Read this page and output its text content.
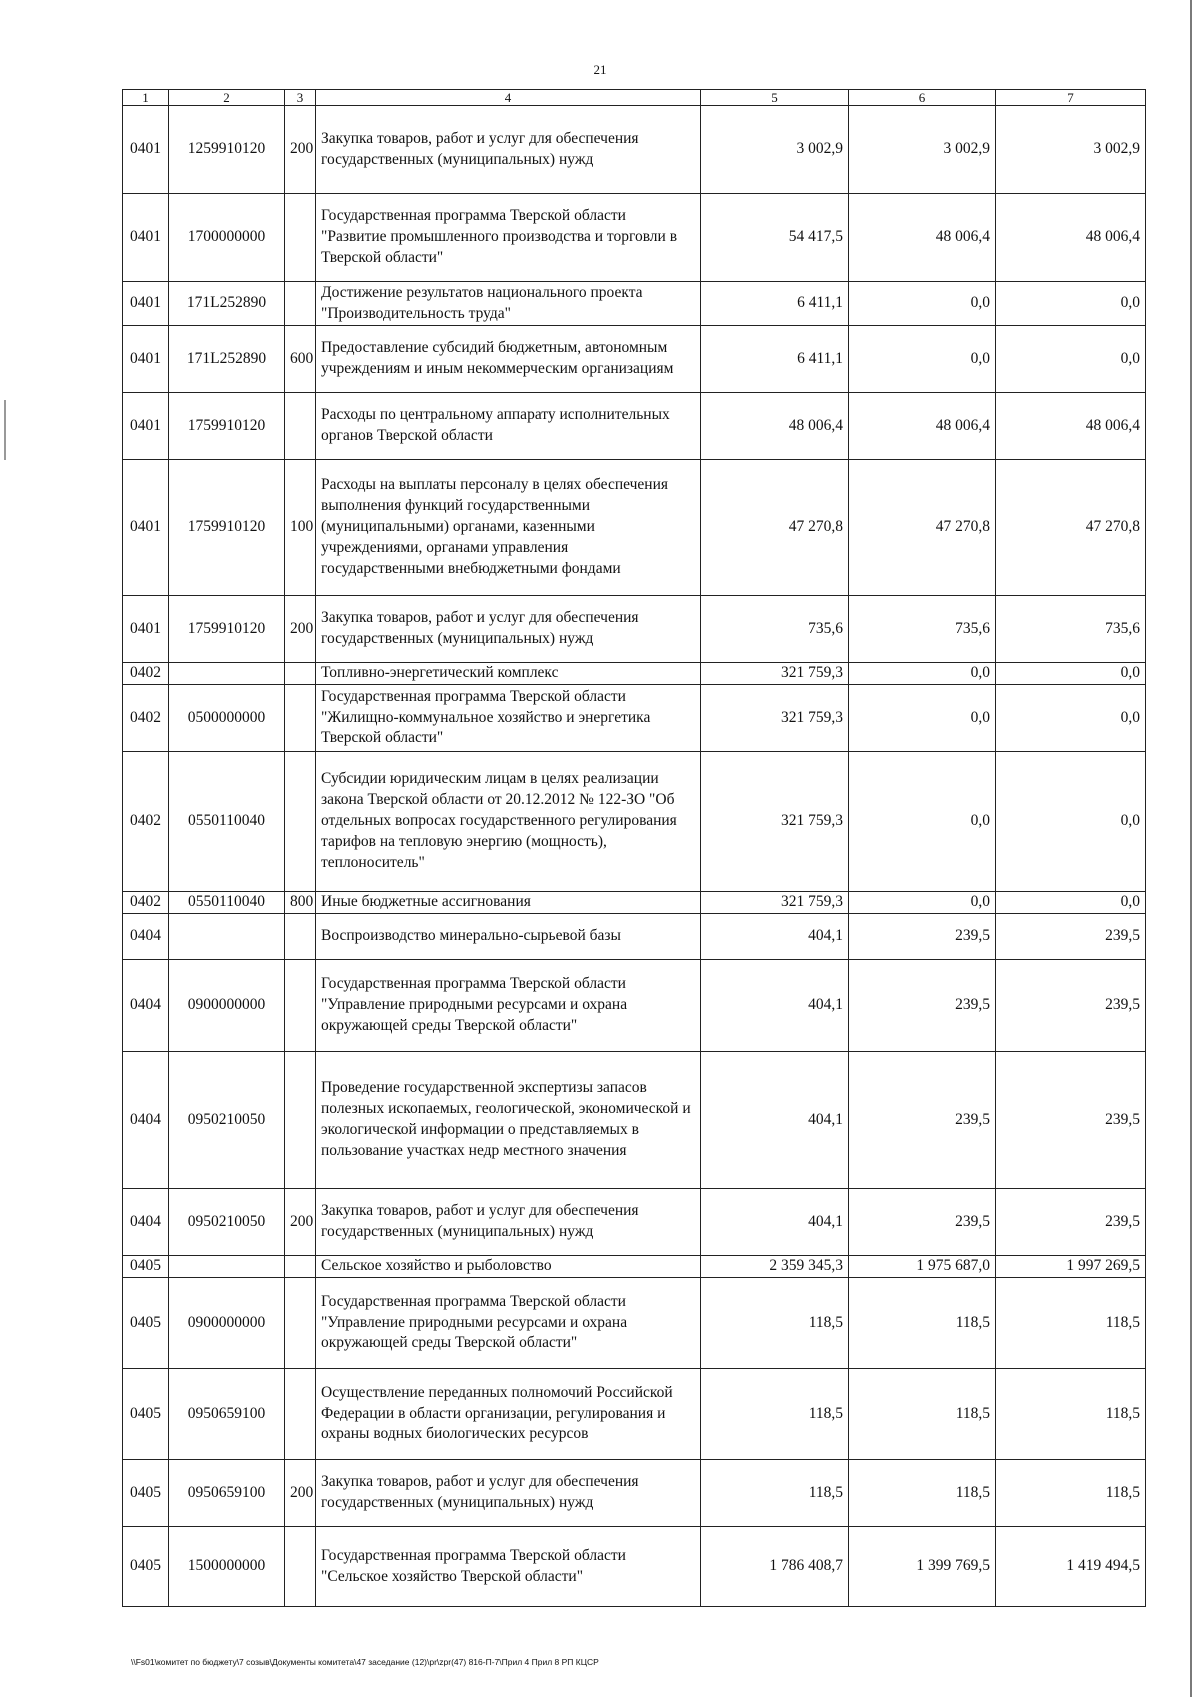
21
1	2	3	4	5	6	7
0401	1259910120	200	Закупка товаров, работ и услуг для обеспечения государственных (муниципальных) нужд	3 002,9	3 002,9	3 002,9
0401	1700000000		Государственная программа Тверской области "Развитие промышленного производства и торговли в Тверской области"	54 417,5	48 006,4	48 006,4
0401	171L252890		Достижение результатов национального проекта "Производительность труда"	6 411,1	0,0	0,0
0401	171L252890	600	Предоставление субсидий бюджетным, автономным учреждениям и иным некоммерческим организациям	6 411,1	0,0	0,0
0401	1759910120		Расходы по центральному аппарату исполнительных органов Тверской области	48 006,4	48 006,4	48 006,4
0401	1759910120	100	Расходы на выплаты персоналу в целях обеспечения выполнения функций государственными (муниципальными) органами, казенными учреждениями, органами управления государственными внебюджетными фондами	47 270,8	47 270,8	47 270,8
0401	1759910120	200	Закупка товаров, работ и услуг для обеспечения государственных (муниципальных) нужд	735,6	735,6	735,6
0402			Топливно-энергетический комплекс	321 759,3	0,0	0,0
0402	0500000000		Государственная программа Тверской области "Жилищно-коммунальное хозяйство и энергетика Тверской области"	321 759,3	0,0	0,0
0402	0550110040		Субсидии юридическим лицам в целях реализации закона Тверской области от 20.12.2012 № 122-ЗО "Об отдельных вопросах государственного регулирования тарифов на тепловую энергию (мощность), теплоноситель"	321 759,3	0,0	0,0
0402	0550110040	800	Иные бюджетные ассигнования	321 759,3	0,0	0,0
0404			Воспроизводство минерально-сырьевой базы	404,1	239,5	239,5
0404	0900000000		Государственная программа Тверской области "Управление природными ресурсами и охрана окружающей среды Тверской области"	404,1	239,5	239,5
0404	0950210050		Проведение государственной экспертизы запасов полезных ископаемых, геологической, экономической и экологической информации о представляемых в пользование участках недр местного значения	404,1	239,5	239,5
0404	0950210050	200	Закупка товаров, работ и услуг для обеспечения государственных (муниципальных) нужд	404,1	239,5	239,5
0405			Сельское хозяйство и рыболовство	2 359 345,3	1 975 687,0	1 997 269,5
0405	0900000000		Государственная программа Тверской области "Управление природными ресурсами и охрана окружающей среды Тверской области"	118,5	118,5	118,5
0405	0950659100		Осуществление переданных полномочий Российской Федерации в области организации, регулирования и охраны водных биологических ресурсов	118,5	118,5	118,5
0405	0950659100	200	Закупка товаров, работ и услуг для обеспечения государственных (муниципальных) нужд	118,5	118,5	118,5
0405	1500000000		Государственная программа Тверской области "Сельское хозяйство Тверской области"	1 786 408,7	1 399 769,5	1 419 494,5
\\Fs01\комитет по бюджету\7 созыв\Документы комитета\47 заседание (12)\pr\zpr(47) 816-П-7\Прил 4 Прил 8 РП КЦСР
